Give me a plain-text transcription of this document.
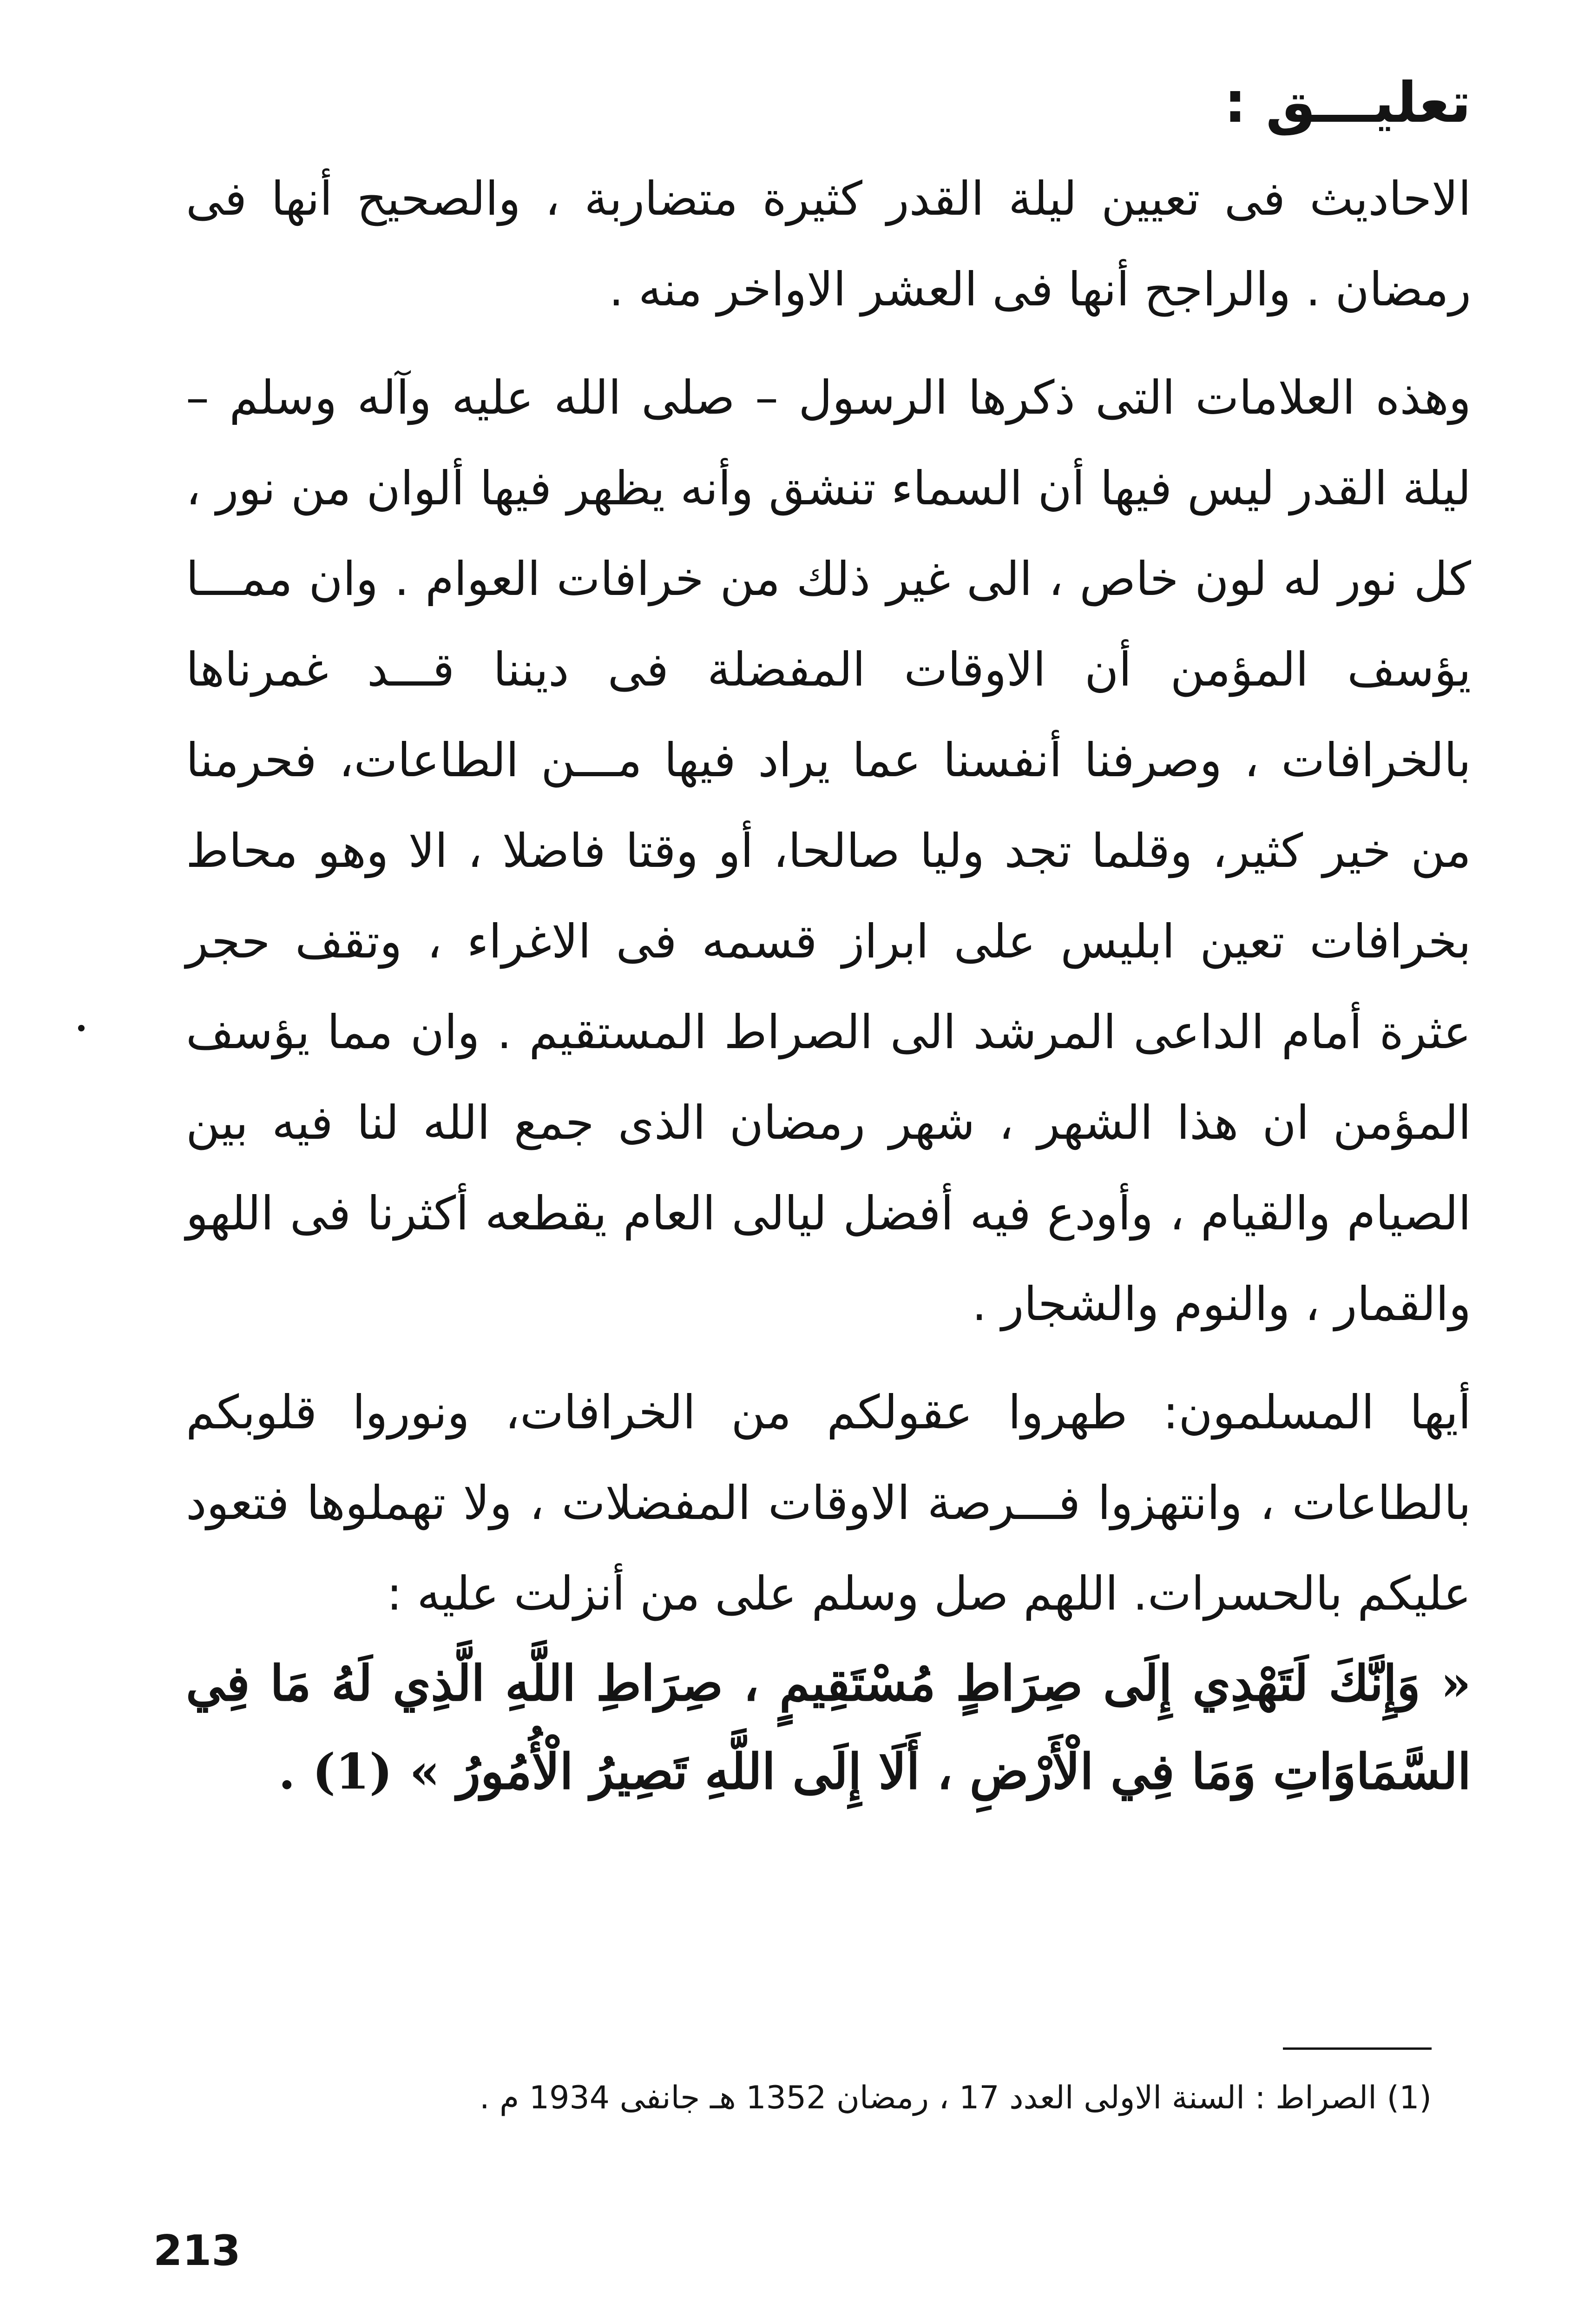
تعليـــق :

الاحاديث فى تعيين ليلة القدر كثيرة متضاربة ، والصحيح أنها فى رمضان . والراجح أنها فى العشر الاواخر منه .

وهذه العلامات التى ذكرها الرسول – صلى الله عليه وآله وسلم – ليلة القدر ليس فيها أن السماء تنشق وأنه يظهر فيها ألوان من نور ، كل نور له لون خاص ، الى غير ذلك من خرافات العوام . وان ممـــا يؤسف المؤمن أن الاوقات المفضلة فى ديننا قـــد غمرناها بالخرافات ، وصرفنا أنفسنا عما يراد فيها مـــن الطاعات، فحرمنا من خير كثير، وقلما تجد وليا صالحا، أو وقتا فاضلا ، الا وهو محاط بخرافات تعين ابليس على ابراز قسمه فى الاغراء ، وتقف حجر عثرة أمام الداعى المرشد الى الصراط المستقيم . وان مما يؤسف المؤمن ان هذا الشهر ، شهر رمضان الذى جمع الله لنا فيه بين الصيام والقيام ، وأودع فيه أفضل ليالى العام يقطعه أكثرنا فى اللهو والقمار ، والنوم والشجار .

أيها المسلمون: طهروا عقولكم من الخرافات، ونوروا قلوبكم بالطاعات ، وانتهزوا فـــرصة الاوقات المفضلات ، ولا تهملوها فتعود عليكم بالحسرات. اللهم صل وسلم على من أنزلت عليه :

« وَإِنَّكَ لَتَهْدِي إِلَى صِرَاطٍ مُسْتَقِيمٍ ، صِرَاطِ اللَّهِ الَّذِي لَهُ مَا فِي السَّمَاوَاتِ وَمَا فِي الْأَرْضِ ، أَلَا إِلَى اللَّهِ تَصِيرُ الْأُمُورُ » (1) .

(1) الصراط : السنة الاولى العدد 17 ، رمضان 1352 هـ جانفى 1934 م .
213
